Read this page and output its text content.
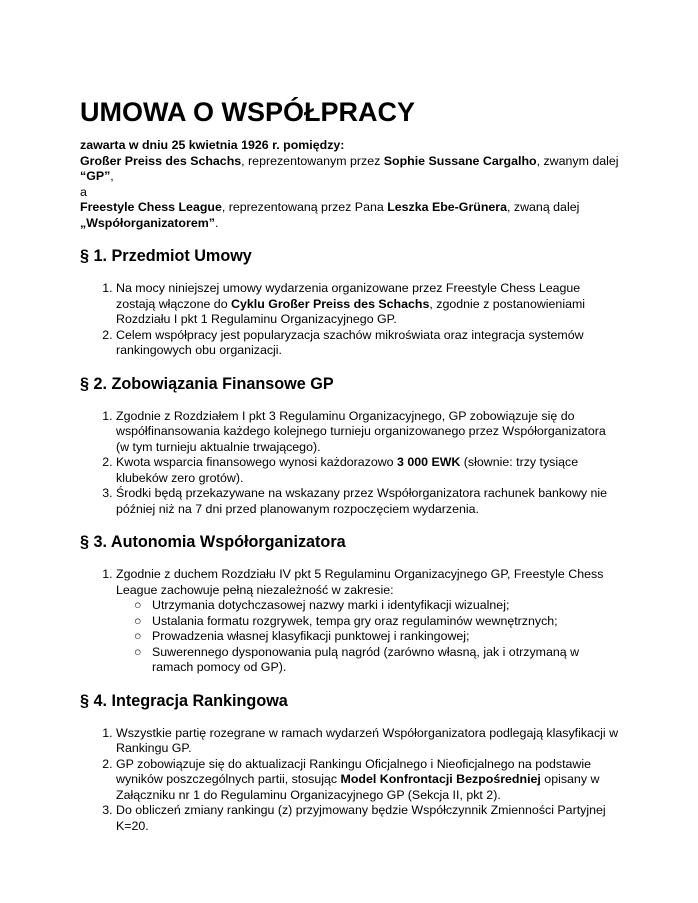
UMOWA O WSPÓŁPRACY

zawarta w dniu 25 kwietnia 1926 r. pomiędzy:

Großer Preiss des Schachs, reprezentowanym przez Sophie Sussane Cargalho, zwanym dalej “GP”,

a

Freestyle Chess League, reprezentowaną przez Pana Leszka Ebe-Grünera, zwaną dalej „Współorganizatorem”.

§ 1. Przedmiot Umowy
1. Na mocy niniejszej umowy wydarzenia organizowane przez Freestyle Chess League zostają włączone do Cyklu Großer Preiss des Schachs, zgodnie z postanowieniami Rozdziału I pkt 1 Regulaminu Organizacyjnego GP.
2. Celem współpracy jest popularyzacja szachów mikroświata oraz integracja systemów rankingowych obu organizacji.
§ 2. Zobowiązania Finansowe GP
1. Zgodnie z Rozdziałem I pkt 3 Regulaminu Organizacyjnego, GP zobowiązuje się do współfinansowania każdego kolejnego turnieju organizowanego przez Współorganizatora (w tym turnieju aktualnie trwającego).
2. Kwota wsparcia finansowego wynosi każdorazowo 3 000 EWK (słownie: trzy tysiące klubeków zero grotów).
3. Środki będą przekazywane na wskazany przez Współorganizatora rachunek bankowy nie później niż na 7 dni przed planowanym rozpoczęciem wydarzenia.
§ 3. Autonomia Współorganizatora
1. Zgodnie z duchem Rozdziału IV pkt 5 Regulaminu Organizacyjnego GP, Freestyle Chess League zachowuje pełną niezależność w zakresie:
○ Utrzymania dotychczasowej nazwy marki i identyfikacji wizualnej;
○ Ustalania formatu rozgrywek, tempa gry oraz regulaminów wewnętrznych;
○ Prowadzenia własnej klasyfikacji punktowej i rankingowej;
○ Suwerennego dysponowania pulą nagród (zarówno własną, jak i otrzymaną w ramach pomocy od GP).
§ 4. Integracja Rankingowa
1. Wszystkie partię rozegrane w ramach wydarzeń Współorganizatora podlegają klasyfikacji w Rankingu GP.
2. GP zobowiązuje się do aktualizacji Rankingu Oficjalnego i Nieoficjalnego na podstawie wyników poszczególnych partii, stosując Model Konfrontacji Bezpośredniej opisany w Załączniku nr 1 do Regulaminu Organizacyjnego GP (Sekcja II, pkt 2).
3. Do obliczeń zmiany rankingu (z) przyjmowany będzie Współczynnik Zmienności Partyjnej K=20.
